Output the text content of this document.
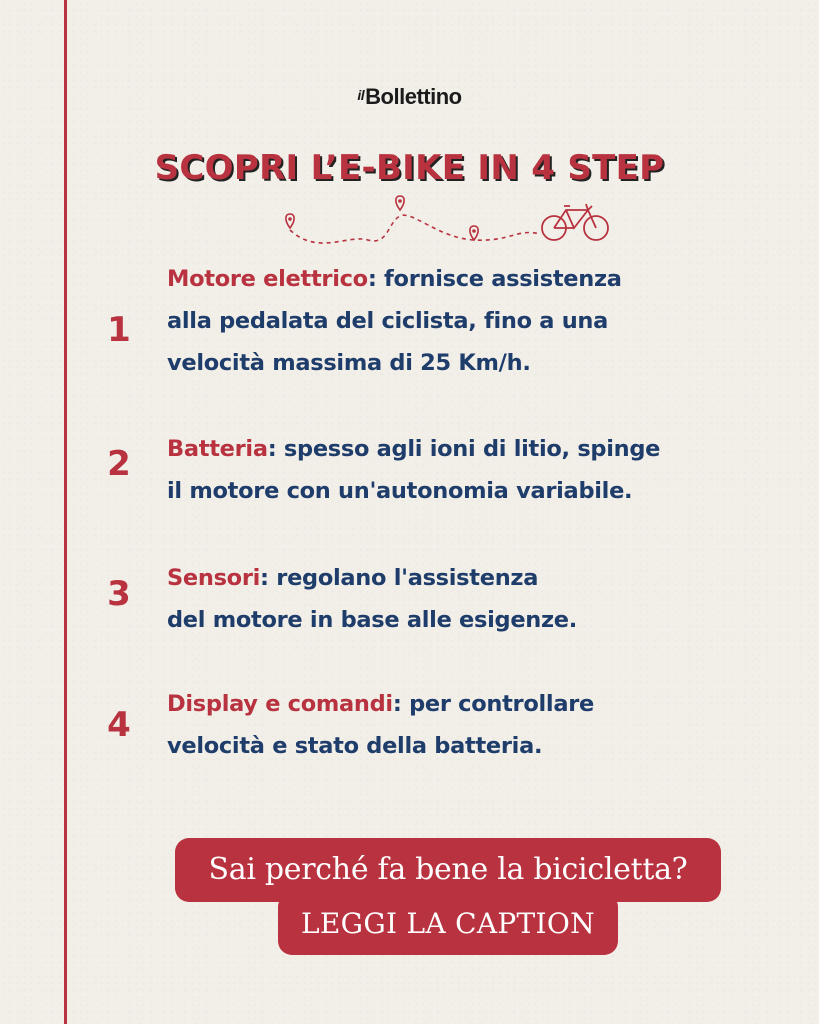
ilBollettino
SCOPRI L’E-BIKE IN 4 STEP
1
Motore elettrico: fornisce assistenza
alla pedalata del ciclista, fino a una
velocità massima di 25 Km/h.
2 Batteria: spesso agli ioni di litio, spinge
il motore con un'autonomia variabile.
3 Sensori: regolano l'assistenza
del motore in base alle esigenze.
4
Display e comandi: per controllare
velocità e stato della batteria.
Sai perché fa bene la bicicletta?
LEGGI LA CAPTION
